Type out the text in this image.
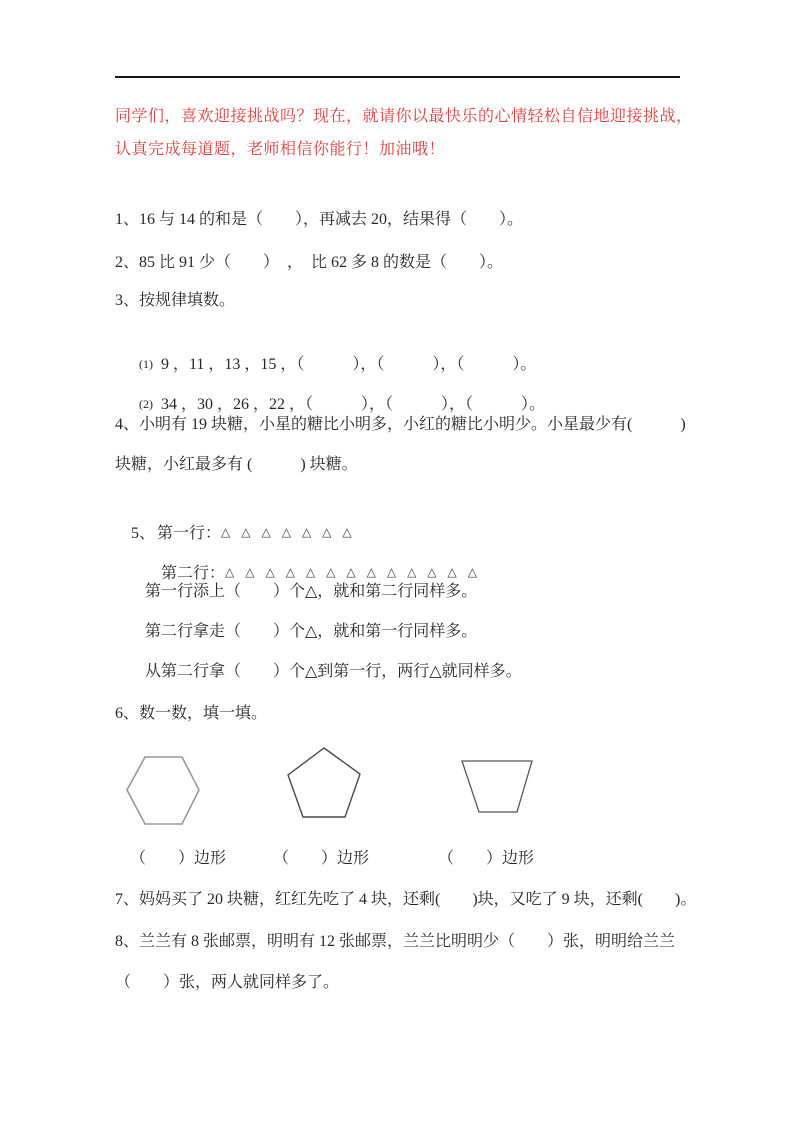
同学们，喜欢迎接挑战吗？现在，就请你以最快乐的心情轻松自信地迎接挑战，
认真完成每道题，老师相信你能行！加油哦！
1、16 与 14 的和是（　　），再减去 20，结果得（　　）。
2、85 比 91 少（　　）　，　比 62 多 8 的数是（　　）。
3、按规律填数。

(1) 9 ，11 ，13 ，15 ，（　　　），（　　　），（　　　）。

(2) 34 ，30 ，26 ，22 ，（　　　），（　　　），（　　　）。

4、小明有 19 块糖，小星的糖比小明多，小红的糖比小明少。小星最少有(　　　)
块糖，小红最多有 (　　　) 块糖。

5、 第一行：△ △ △ △ △ △ △

第二行：△ △ △ △ △ △ △ △ △ △ △ △ △

第一行添上（　　）个△，就和第二行同样多。
第二行拿走（　　）个△，就和第一行同样多。
从第二行拿（　　）个△到第一行，两行△就同样多。
6、数一数，填一填。
（　　）边形	（　　）边形	（　　）边形
7、妈妈买了 20 块糖，红红先吃了 4 块，还剩(　　)块，又吃了 9 块，还剩(　　)。
8、兰兰有 8 张邮票，明明有 12 张邮票，兰兰比明明少（　　）张，明明给兰兰
（　　）张，两人就同样多了。
